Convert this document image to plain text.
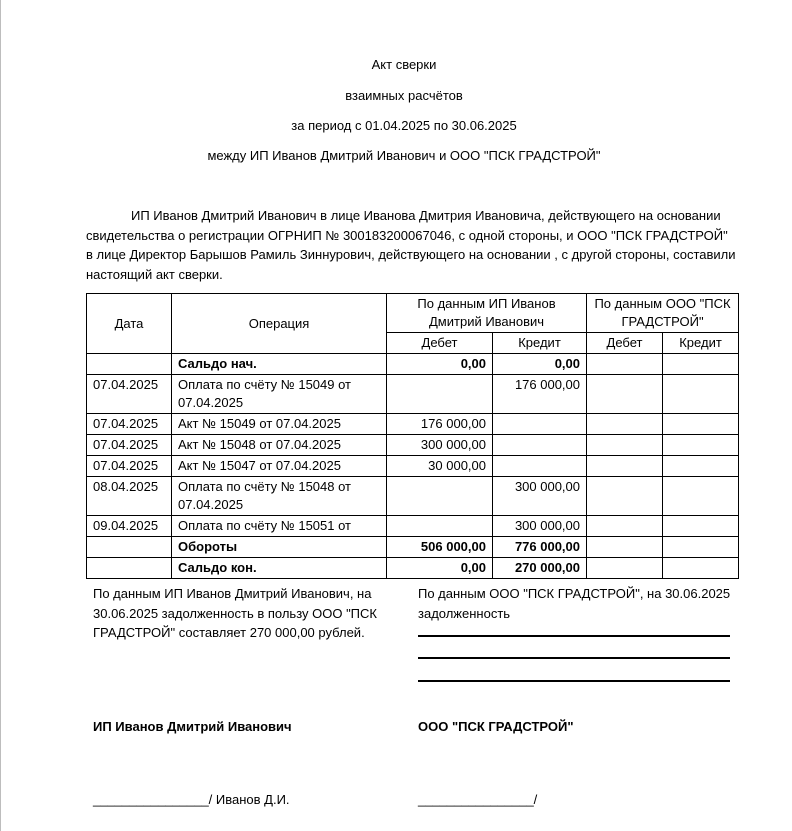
Акт сверки
взаимных расчётов
за период с 01.04.2025 по 30.06.2025
между ИП Иванов Дмитрий Иванович и ООО "ПСК ГРАДСТРОЙ"

ИП Иванов Дмитрий Иванович в лице Иванова Дмитрия Ивановича, действующего на основании свидетельства о регистрации ОГРНИП № 300183200067046, с одной стороны, и ООО "ПСК ГРАДСТРОЙ" в лице Директор Барышов Рамиль Зиннурович, действующего на основании , с другой стороны, составили настоящий акт сверки.

Дата	Операция	По данным ИП Иванов Дмитрий Иванович		По данным ООО "ПСК ГРАДСТРОЙ"	
		Дебет	Кредит	Дебет	Кредит
	Сальдо нач.	0,00	0,00		
07.04.2025	Оплата по счёту № 15049 от 07.04.2025		176 000,00		
07.04.2025	Акт № 15049 от 07.04.2025	176 000,00			
07.04.2025	Акт № 15048 от 07.04.2025	300 000,00			
07.04.2025	Акт № 15047 от 07.04.2025	30 000,00			
08.04.2025	Оплата по счёту № 15048 от 07.04.2025		300 000,00		
09.04.2025	Оплата по счёту № 15051 от		300 000,00		
	Обороты	506 000,00	776 000,00		
	Сальдо кон.	0,00	270 000,00		

По данным ИП Иванов Дмитрий Иванович, на 30.06.2025 задолженность в пользу ООО "ПСК ГРАДСТРОЙ" составляет 270 000,00 рублей.

По данным ООО "ПСК ГРАДСТРОЙ", на 30.06.2025 задолженность

ИП Иванов Дмитрий Иванович	ООО "ПСК ГРАДСТРОЙ"
________________/ Иванов Д.И.	________________/
